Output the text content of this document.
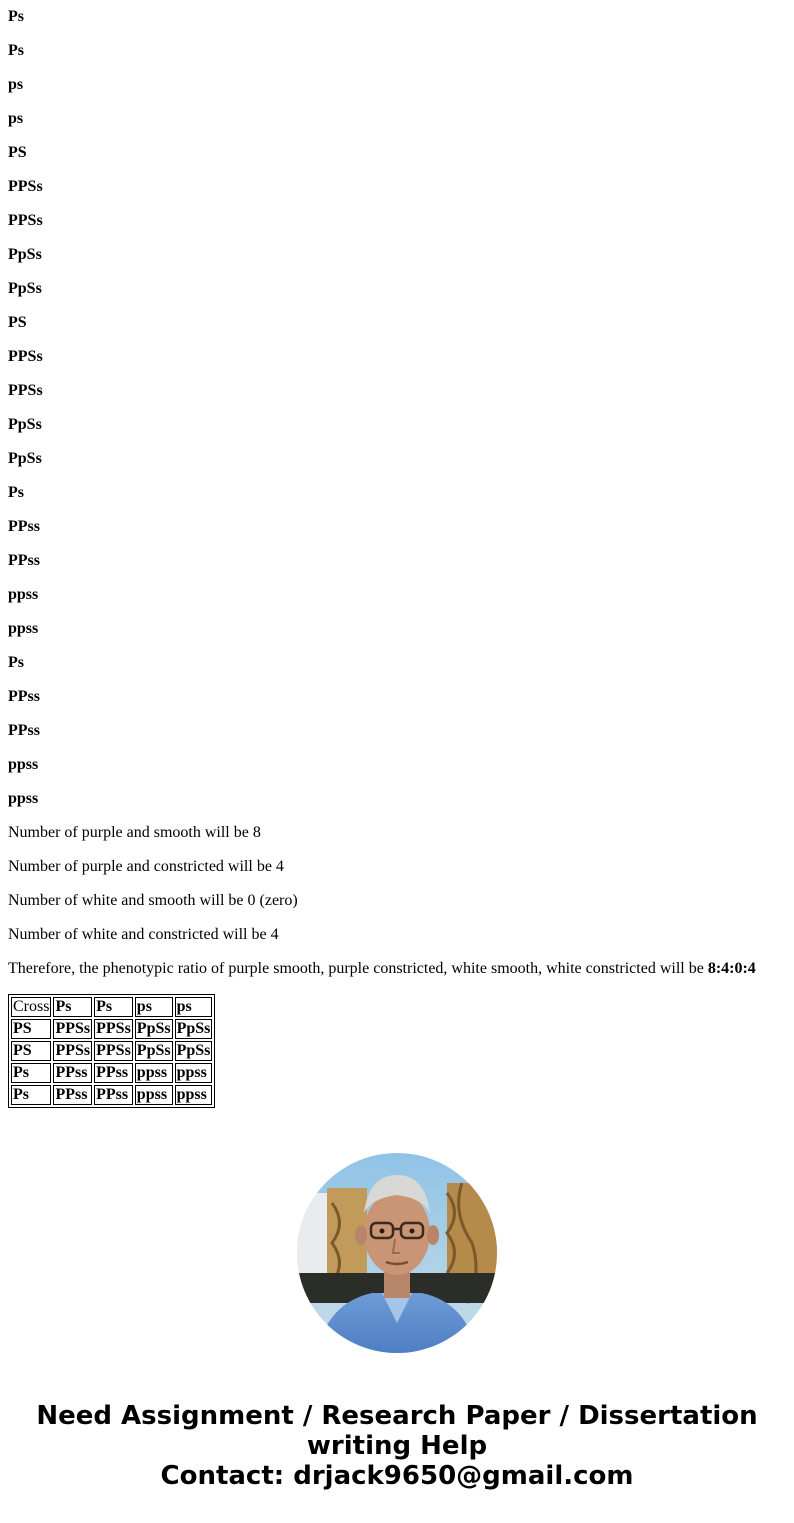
Ps

Ps

ps

ps

PS

PPSs

PPSs

PpSs

PpSs

PS

PPSs

PPSs

PpSs

PpSs

Ps

PPss

PPss

ppss

ppss

Ps

PPss

PPss

ppss

ppss

Number of purple and smooth will be 8

Number of purple and constricted will be 4

Number of white and smooth will be 0 (zero)

Number of white and constricted will be 4

Therefore, the phenotypic ratio of purple smooth, purple constricted, white smooth, white constricted will be 8:4:0:4

Cross	Ps	Ps	ps	ps
PS	PPSs	PPSs	PpSs	PpSs
PS	PPSs	PPSs	PpSs	PpSs
Ps	PPss	PPss	ppss	ppss
Ps	PPss	PPss	ppss	ppss
Need Assignment / Research Paper / Dissertation
writing Help
Contact: drjack9650@gmail.com
